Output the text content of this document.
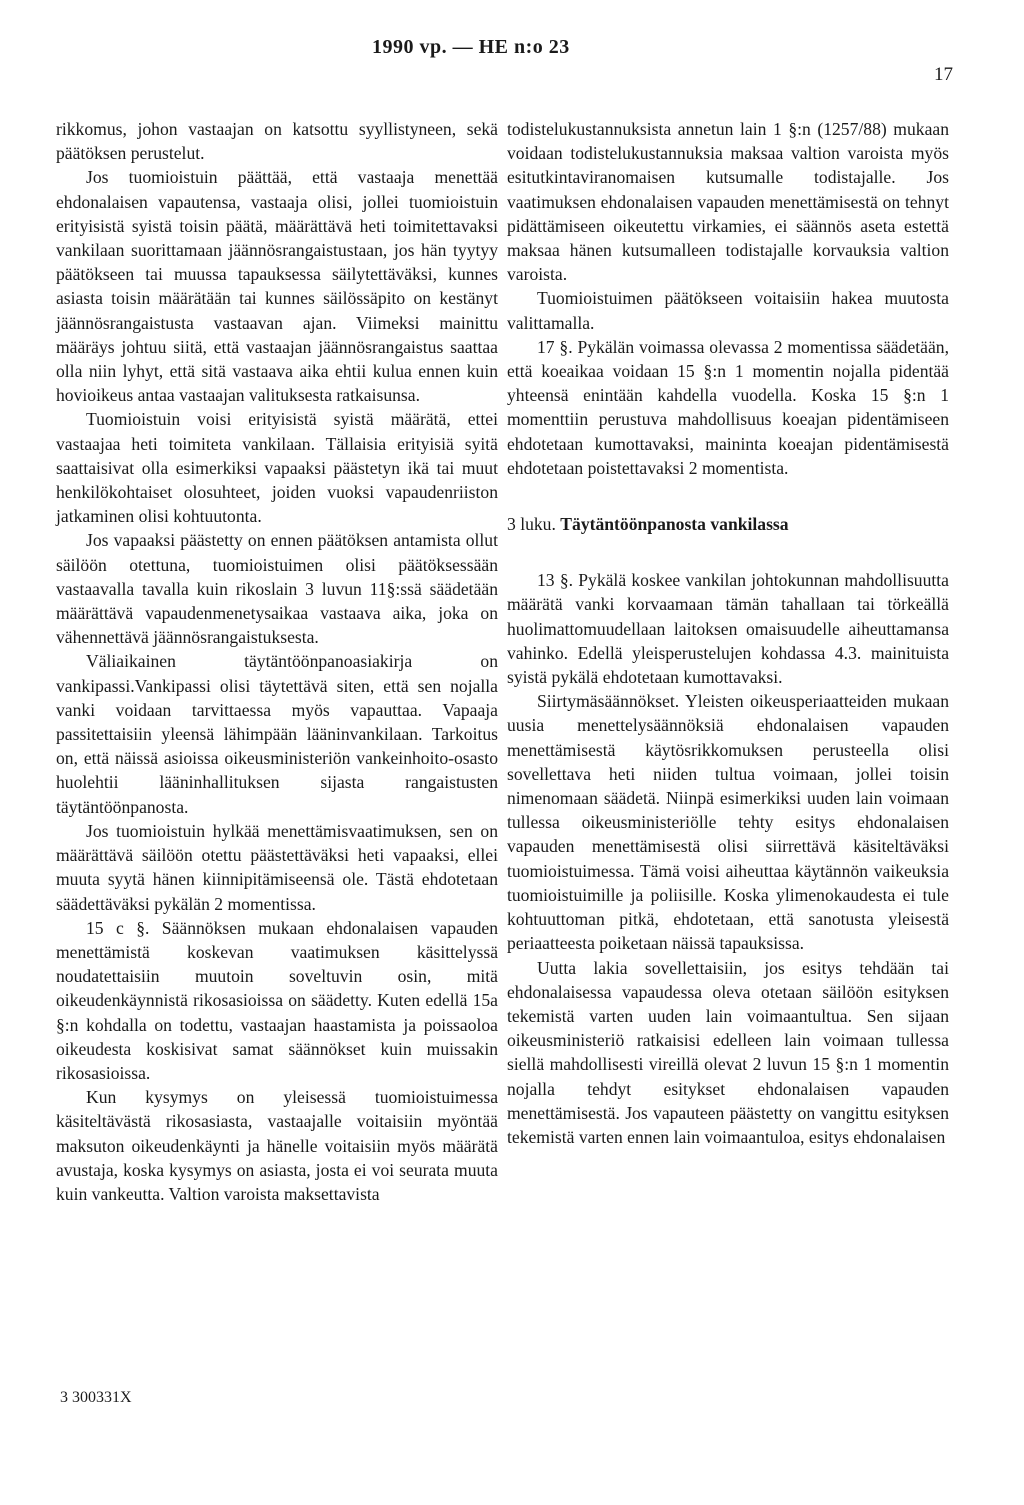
1990 vp. — HE n:o 23
17

rikkomus, johon vastaajan on katsottu syyllistyneen, sekä päätöksen perustelut.

Jos tuomioistuin päättää, että vastaaja menettää ehdonalaisen vapautensa, vastaaja olisi, jollei tuomioistuin erityisistä syistä toisin päätä, määrättävä heti toimitettavaksi vankilaan suorittamaan jäännösrangaistustaan, jos hän tyytyy päätökseen tai muussa tapauksessa säilytettäväksi, kunnes asiasta toisin määrätään tai kunnes säilössäpito on kestänyt jäännösrangaistusta vastaavan ajan. Viimeksi mainittu määräys johtuu siitä, että vastaajan jäännösrangaistus saattaa olla niin lyhyt, että sitä vastaava aika ehtii kulua ennen kuin hovioikeus antaa vastaajan valituksesta ratkaisunsa.

Tuomioistuin voisi erityisistä syistä määrätä, ettei vastaajaa heti toimiteta vankilaan. Tällaisia erityisiä syitä saattaisivat olla esimerkiksi vapaaksi päästetyn ikä tai muut henkilökohtaiset olosuhteet, joiden vuoksi vapaudenriiston jatkaminen olisi kohtuutonta.

Jos vapaaksi päästetty on ennen päätöksen antamista ollut säilöön otettuna, tuomioistuimen olisi päätöksessään vastaavalla tavalla kuin rikoslain 3 luvun 11§:ssä säädetään määrättävä vapaudenmenetysaikaa vastaava aika, joka on vähennettävä jäännösrangaistuksesta.

Väliaikainen täytäntöönpanoasiakirja on vankipassi.Vankipassi olisi täytettävä siten, että sen nojalla vanki voidaan tarvittaessa myös vapauttaa. Vapaaja passitettaisiin yleensä lähimpään lääninvankilaan. Tarkoitus on, että näissä asioissa oikeusministeriön vankeinhoito-osasto huolehtii lääninhallituksen sijasta rangaistusten täytäntöönpanosta.

Jos tuomioistuin hylkää menettämisvaatimuksen, sen on määrättävä säilöön otettu päästettäväksi heti vapaaksi, ellei muuta syytä hänen kiinnipitämiseensä ole. Tästä ehdotetaan säädettäväksi pykälän 2 momentissa.

15 c §. Säännöksen mukaan ehdonalaisen vapauden menettämistä koskevan vaatimuksen käsittelyssä noudatettaisiin muutoin soveltuvin osin, mitä oikeudenkäynnistä rikosasioissa on säädetty. Kuten edellä 15a §:n kohdalla on todettu, vastaajan haastamista ja poissaoloa oikeudesta koskisivat samat säännökset kuin muissakin rikosasioissa.

Kun kysymys on yleisessä tuomioistuimessa käsiteltävästä rikosasiasta, vastaajalle voitaisiin myöntää maksuton oikeudenkäynti ja hänelle voitaisiin myös määrätä avustaja, koska kysymys on asiasta, josta ei voi seurata muuta kuin vankeutta. Valtion varoista maksettavista

todistelukustannuksista annetun lain 1 §:n (1257/88) mukaan voidaan todistelukustannuksia maksaa valtion varoista myös esitutkintaviranomaisen kutsumalle todistajalle. Jos vaatimuksen ehdonalaisen vapauden menettämisestä on tehnyt pidättämiseen oikeutettu virkamies, ei säännös aseta estettä maksaa hänen kutsumalleen todistajalle korvauksia valtion varoista.

Tuomioistuimen päätökseen voitaisiin hakea muutosta valittamalla.

17 §. Pykälän voimassa olevassa 2 momentissa säädetään, että koeaikaa voidaan 15 §:n 1 momentin nojalla pidentää yhteensä enintään kahdella vuodella. Koska 15 §:n 1 momenttiin perustuva mahdollisuus koeajan pidentämiseen ehdotetaan kumottavaksi, maininta koeajan pidentämisestä ehdotetaan poistettavaksi 2 momentista.

3 luku. Täytäntöönpanosta vankilassa

13 §. Pykälä koskee vankilan johtokunnan mahdollisuutta määrätä vanki korvaamaan tämän tahallaan tai törkeällä huolimattomuudellaan laitoksen omaisuudelle aiheuttamansa vahinko. Edellä yleisperustelujen kohdassa 4.3. mainituista syistä pykälä ehdotetaan kumottavaksi.

Siirtymäsäännökset. Yleisten oikeusperiaatteiden mukaan uusia menettelysäännöksiä ehdonalaisen vapauden menettämisestä käytösrikkomuksen perusteella olisi sovellettava heti niiden tultua voimaan, jollei toisin nimenomaan säädetä. Niinpä esimerkiksi uuden lain voimaan tullessa oikeusministeriölle tehty esitys ehdonalaisen vapauden menettämisestä olisi siirrettävä käsiteltäväksi tuomioistuimessa. Tämä voisi aiheuttaa käytännön vaikeuksia tuomioistuimille ja poliisille. Koska ylimenokaudesta ei tule kohtuuttoman pitkä, ehdotetaan, että sanotusta yleisestä periaatteesta poiketaan näissä tapauksissa.

Uutta lakia sovellettaisiin, jos esitys tehdään tai ehdonalaisessa vapaudessa oleva otetaan säilöön esityksen tekemistä varten uuden lain voimaantultua. Sen sijaan oikeusministeriö ratkaisisi edelleen lain voimaan tullessa siellä mahdollisesti vireillä olevat 2 luvun 15 §:n 1 momentin nojalla tehdyt esitykset ehdonalaisen vapauden menettämisestä. Jos vapauteen päästetty on vangittu esityksen tekemistä varten ennen lain voimaantuloa, esitys ehdonalaisen

3 300331X
